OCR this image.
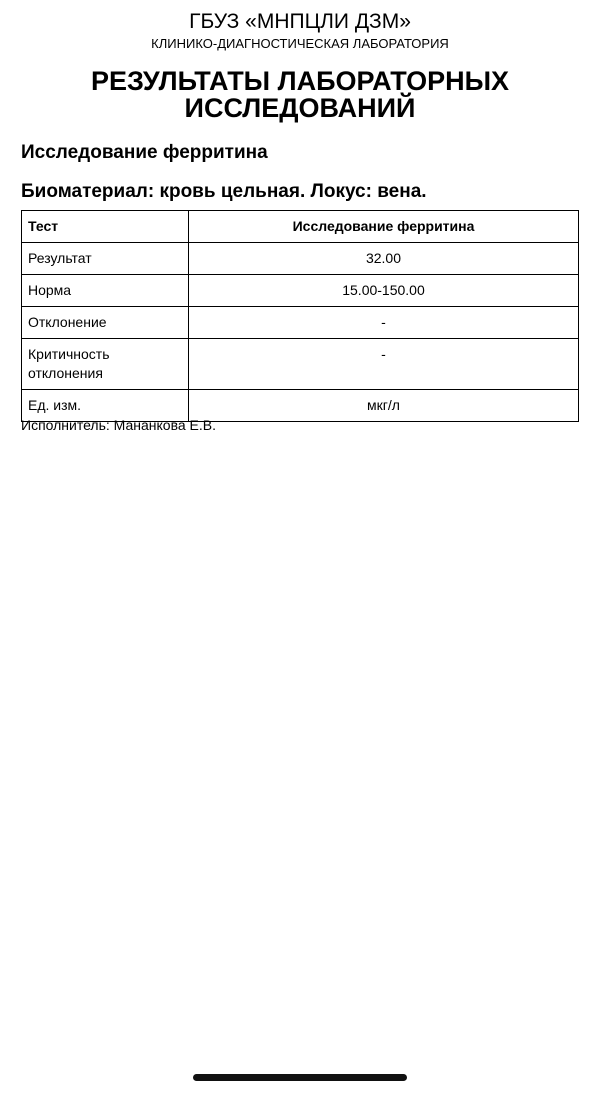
ГБУЗ «МНПЦЛИ ДЗМ»
КЛИНИКО-ДИАГНОСТИЧЕСКАЯ ЛАБОРАТОРИЯ
РЕЗУЛЬТАТЫ ЛАБОРАТОРНЫХ ИССЛЕДОВАНИЙ
Исследование ферритина
Биоматериал: кровь цельная. Локус: вена.
Тест	Исследование ферритина
Результат	32.00
Норма	15.00-150.00
Отклонение	-
Критичность отклонения	-
Ед. изм.	мкг/л
Исполнитель: Мананкова Е.В.
